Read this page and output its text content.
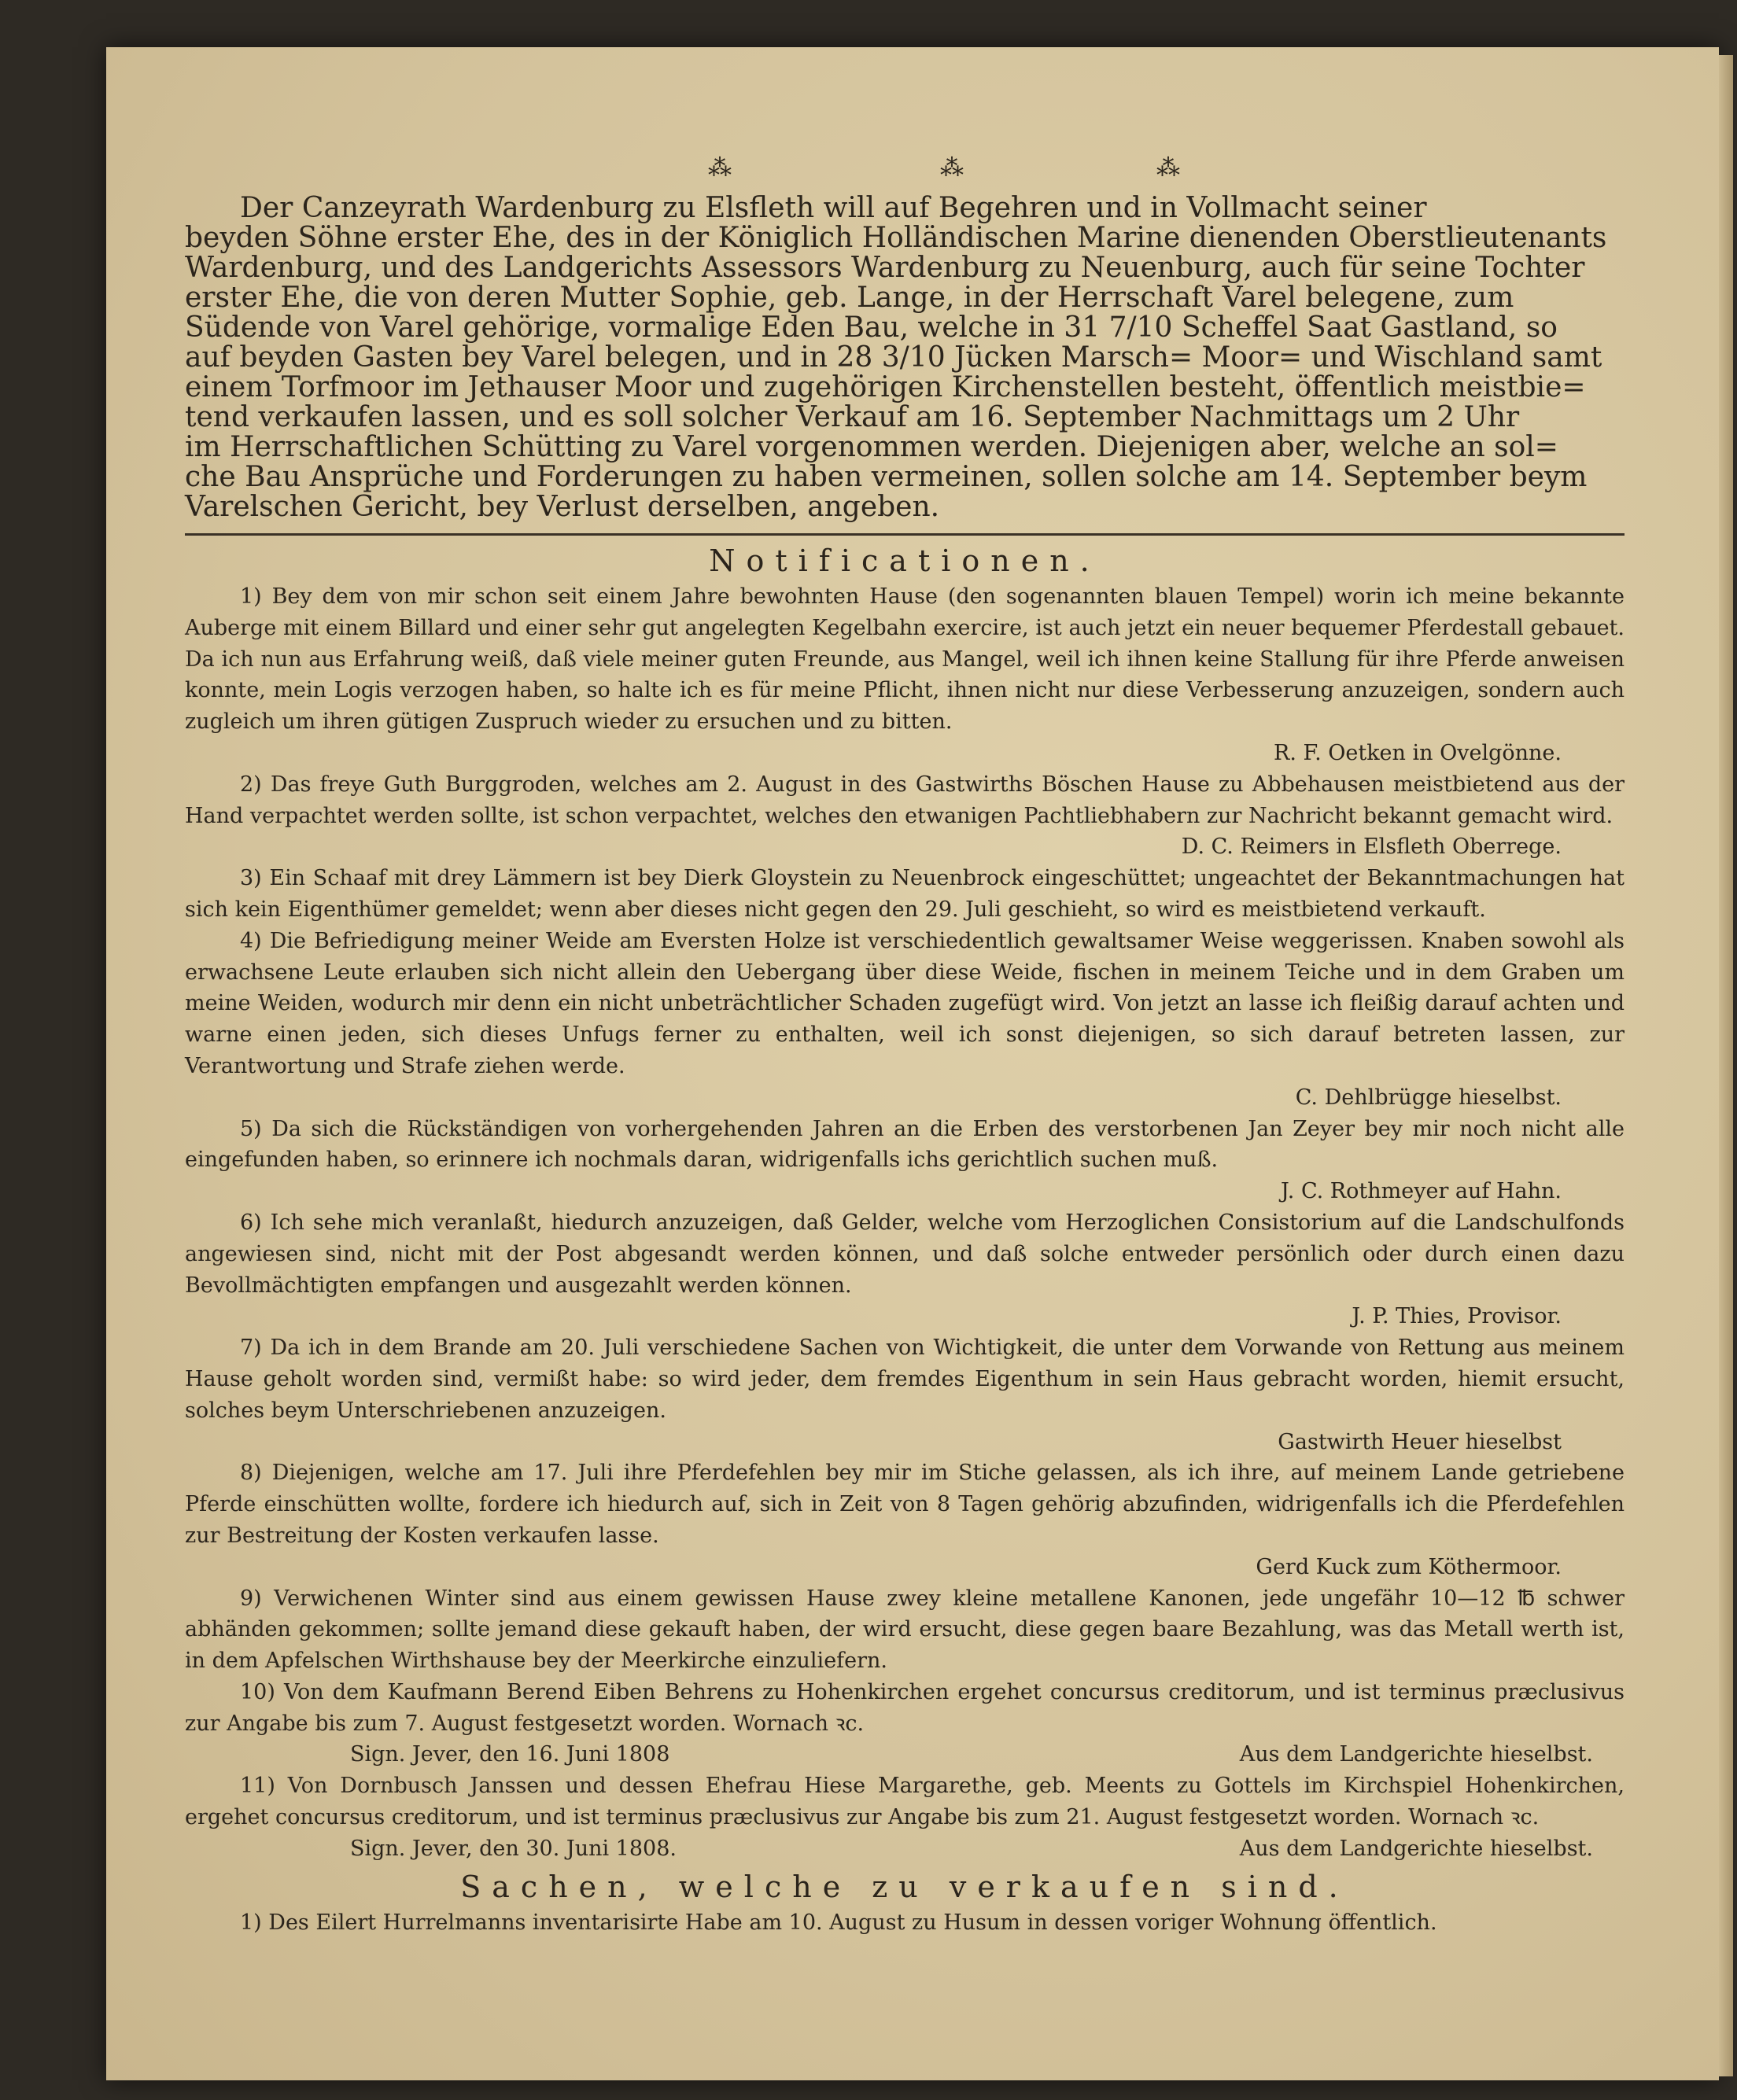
⁂	⁂	⁂

Der Canzeyrath Wardenburg zu Elsfleth will auf Begehren und in Vollmacht seiner

beyden Söhne erster Ehe, des in der Königlich Holländischen Marine dienenden Oberstlieutenants

Wardenburg, und des Landgerichts Assessors Wardenburg zu Neuenburg, auch für seine Tochter

erster Ehe, die von deren Mutter Sophie, geb. Lange, in der Herrschaft Varel belegene, zum

Südende von Varel gehörige, vormalige Eden Bau, welche in 31 7/10 Scheffel Saat Gastland, so

auf beyden Gasten bey Varel belegen, und in 28 3/10 Jücken Marsch= Moor= und Wischland samt

einem Torfmoor im Jethauser Moor und zugehörigen Kirchenstellen besteht, öffentlich meistbie=

tend verkaufen lassen, und es soll solcher Verkauf am 16. September Nachmittags um 2 Uhr

im Herrschaftlichen Schütting zu Varel vorgenommen werden. Diejenigen aber, welche an sol=

che Bau Ansprüche und Forderungen zu haben vermeinen, sollen solche am 14. September beym

Varelschen Gericht, bey Verlust derselben, angeben.

Notificationen.

1) Bey dem von mir schon seit einem Jahre bewohnten Hause (den sogenannten blauen Tempel) worin ich meine bekannte Auberge mit einem Billard und einer sehr gut angelegten Kegelbahn exercire, ist auch jetzt ein neuer bequemer Pferdestall gebauet. Da ich nun aus Erfahrung weiß, daß viele meiner guten Freunde, aus Mangel, weil ich ihnen keine Stallung für ihre Pferde anweisen konnte, mein Logis verzogen haben, so halte ich es für meine Pflicht, ihnen nicht nur diese Verbesserung anzuzeigen, sondern auch zugleich um ihren gütigen Zuspruch wieder zu ersuchen und zu bitten.

R. F. Oetken in Ovelgönne.

2) Das freye Guth Burggroden, welches am 2. August in des Gastwirths Böschen Hause zu Abbehausen meistbietend aus der Hand verpachtet werden sollte, ist schon verpachtet, welches den etwanigen Pachtliebhabern zur Nachricht bekannt gemacht wird.

D. C. Reimers in Elsfleth Oberrege.

3) Ein Schaaf mit drey Lämmern ist bey Dierk Gloystein zu Neuenbrock eingeschüttet; ungeachtet der Bekanntmachungen hat sich kein Eigenthümer gemeldet; wenn aber dieses nicht gegen den 29. Juli geschieht, so wird es meistbietend verkauft.

4) Die Befriedigung meiner Weide am Eversten Holze ist verschiedentlich gewaltsamer Weise weggerissen. Knaben sowohl als erwachsene Leute erlauben sich nicht allein den Uebergang über diese Weide, fischen in meinem Teiche und in dem Graben um meine Weiden, wodurch mir denn ein nicht unbeträchtlicher Schaden zugefügt wird. Von jetzt an lasse ich fleißig darauf achten und warne einen jeden, sich dieses Unfugs ferner zu enthalten, weil ich sonst diejenigen, so sich darauf betreten lassen, zur Verantwortung und Strafe ziehen werde.

C. Dehlbrügge hieselbst.

5) Da sich die Rückständigen von vorhergehenden Jahren an die Erben des verstorbenen Jan Zeyer bey mir noch nicht alle eingefunden haben, so erinnere ich nochmals daran, widrigenfalls ichs gerichtlich suchen muß.

J. C. Rothmeyer auf Hahn.

6) Ich sehe mich veranlaßt, hiedurch anzuzeigen, daß Gelder, welche vom Herzoglichen Consistorium auf die Landschulfonds angewiesen sind, nicht mit der Post abgesandt werden können, und daß solche entweder persönlich oder durch einen dazu Bevollmächtigten empfangen und ausgezahlt werden können.

J. P. Thies, Provisor.

7) Da ich in dem Brande am 20. Juli verschiedene Sachen von Wichtigkeit, die unter dem Vorwande von Rettung aus meinem Hause geholt worden sind, vermißt habe: so wird jeder, dem fremdes Eigenthum in sein Haus gebracht worden, hiemit ersucht, solches beym Unterschriebenen anzuzeigen.

Gastwirth Heuer hieselbst

8) Diejenigen, welche am 17. Juli ihre Pferdefehlen bey mir im Stiche gelassen, als ich ihre, auf meinem Lande getriebene Pferde einschütten wollte, fordere ich hiedurch auf, sich in Zeit von 8 Tagen gehörig abzufinden, widrigenfalls ich die Pferdefehlen zur Bestreitung der Kosten verkaufen lasse.

Gerd Kuck zum Köthermoor.

9) Verwichenen Winter sind aus einem gewissen Hause zwey kleine metallene Kanonen, jede ungefähr 10—12 ℔ schwer abhänden gekommen; sollte jemand diese gekauft haben, der wird ersucht, diese gegen baare Bezahlung, was das Metall werth ist, in dem Apfelschen Wirthshause bey der Meerkirche einzuliefern.

10) Von dem Kaufmann Berend Eiben Behrens zu Hohenkirchen ergehet concursus creditorum, und ist terminus præclusivus zur Angabe bis zum 7. August festgesetzt worden. Wornach ꝛc.

Sign. Jever, den 16. Juni 1808	Aus dem Landgerichte hieselbst.

11) Von Dornbusch Janssen und dessen Ehefrau Hiese Margarethe, geb. Meents zu Gottels im Kirchspiel Hohenkirchen, ergehet concursus creditorum, und ist terminus præclusivus zur Angabe bis zum 21. August festgesetzt worden. Wornach ꝛc.

Sign. Jever, den 30. Juni 1808.	Aus dem Landgerichte hieselbst.
Sachen, welche zu verkaufen sind.

1) Des Eilert Hurrelmanns inventarisirte Habe am 10. August zu Husum in dessen voriger Wohnung öffentlich.
